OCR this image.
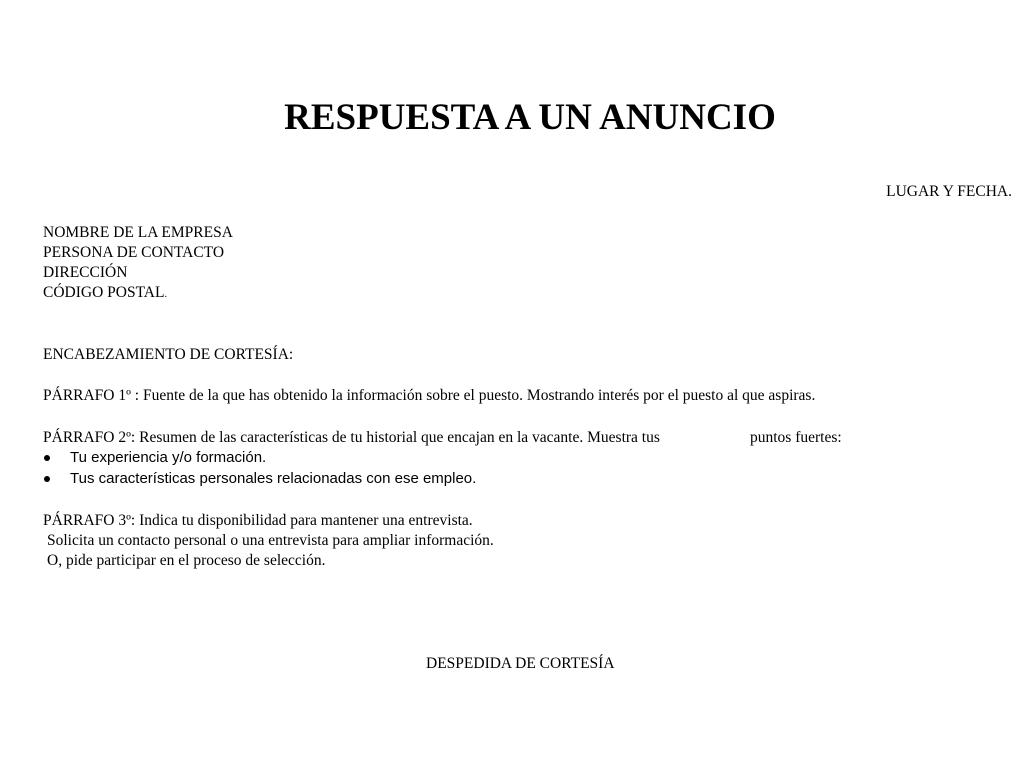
RESPUESTA A UN ANUNCIO
LUGAR Y FECHA.
NOMBRE DE LA EMPRESA
PERSONA DE CONTACTO
DIRECCIÓN
CÓDIGO POSTAL.
ENCABEZAMIENTO DE CORTESÍA:
PÁRRAFO 1º : Fuente de la que has obtenido la información sobre el puesto. Mostrando interés por el puesto al que aspiras.
PÁRRAFO 2º: Resumen de las características de tu historial que encajan en la vacante. Muestra tus	puntos fuertes:
Tu experiencia y/o formación.
Tus características personales relacionadas con ese empleo.
PÁRRAFO 3º: Indica tu disponibilidad para mantener una entrevista.
Solicita un contacto personal o una entrevista para ampliar información.
O, pide participar en el proceso de selección.
DESPEDIDA DE CORTESÍA
